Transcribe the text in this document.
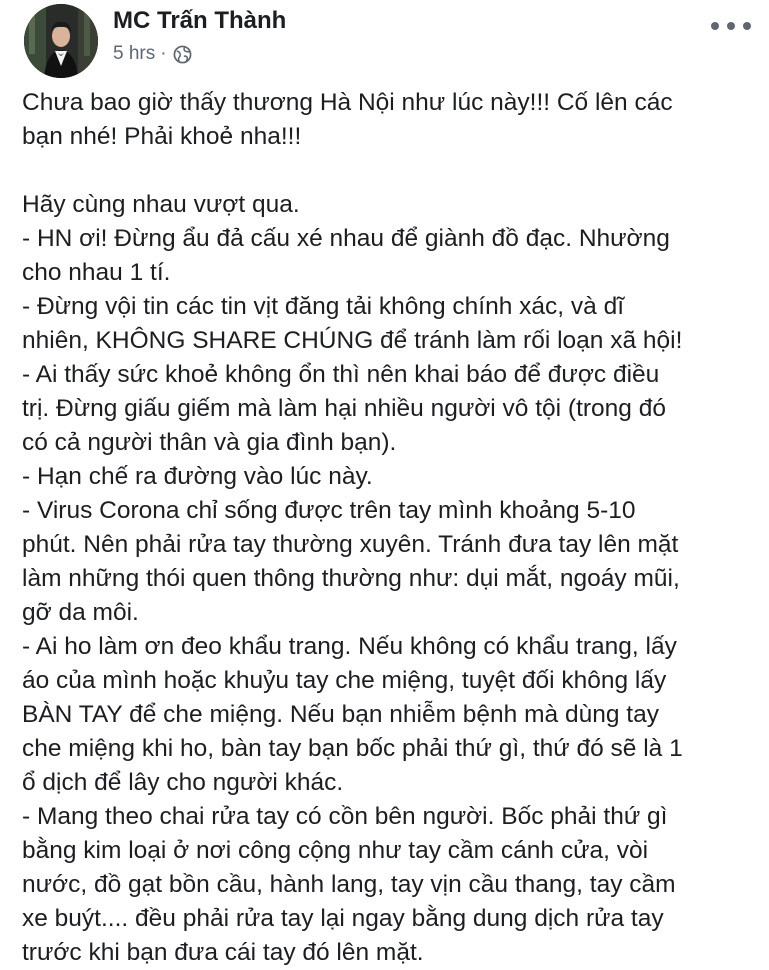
MC Trấn Thành
5 hrs ·
Chưa bao giờ thấy thương Hà Nội như lúc này!!! Cố lên các
bạn nhé! Phải khoẻ nha!!!
Hãy cùng nhau vượt qua.
- HN ơi! Đừng ẩu đả cấu xé nhau để giành đồ đạc. Nhường
cho nhau 1 tí.
- Đừng vội tin các tin vịt đăng tải không chính xác, và dĩ
nhiên, KHÔNG SHARE CHÚNG để tránh làm rối loạn xã hội!
- Ai thấy sức khoẻ không ổn thì nên khai báo để được điều
trị. Đừng giấu giếm mà làm hại nhiều người vô tội (trong đó
có cả người thân và gia đình bạn).
- Hạn chế ra đường vào lúc này.
- Virus Corona chỉ sống được trên tay mình khoảng 5-10
phút. Nên phải rửa tay thường xuyên. Tránh đưa tay lên mặt
làm những thói quen thông thường như: dụi mắt, ngoáy mũi,
gỡ da môi.
- Ai ho làm ơn đeo khẩu trang. Nếu không có khẩu trang, lấy
áo của mình hoặc khuỷu tay che miệng, tuyệt đối không lấy
BÀN TAY để che miệng. Nếu bạn nhiễm bệnh mà dùng tay
che miệng khi ho, bàn tay bạn bốc phải thứ gì, thứ đó sẽ là 1
ổ dịch để lây cho người khác.
- Mang theo chai rửa tay có cồn bên người. Bốc phải thứ gì
bằng kim loại ở nơi công cộng như tay cầm cánh cửa, vòi
nước, đồ gạt bồn cầu, hành lang, tay vịn cầu thang, tay cầm
xe buýt.... đều phải rửa tay lại ngay bằng dung dịch rửa tay
trước khi bạn đưa cái tay đó lên mặt.
